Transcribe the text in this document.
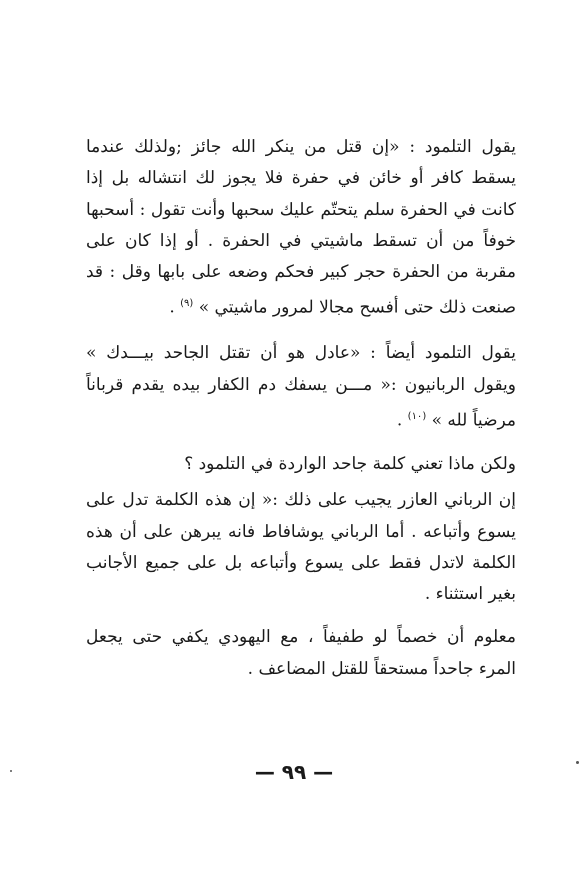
يقول التلمود : «إن قتل من ينكر الله جائز ;ولذلك عندما يسقط كافر أو خائن في حفرة فلا يجوز لك انتشاله بل إذا كانت في الحفرة سلم يتحتّم عليك سحبها وأنت تقول : أسحبها خوفاً من أن تسقط ماشيتي في الحفرة . أو إذا كان على مقربة من الحفرة حجر كبير فحكم وضعه على بابها وقل : قد صنعت ذلك حتى أفسح مجالا لمرور ماشيتي » $^{(٩)}$ .

يقول التلمود أيضاً : «عادل هو أن تقتل الجاحد بيـــدك » ويقول الربانيون :« مـــن يسفك دم الكفار بيده يقدم قرباناً مرضياً لله » $^{(١٠)}$ .

ولكن ماذا تعني كلمة جاحد الواردة في التلمود ؟

إن الرباني العازر يجيب على ذلك :« إن هذه الكلمة تدل على يسوع وأتباعه . أما الرباني يوشافاط فانه يبرهن على أن هذه الكلمة لاتدل فقط على يسوع وأتباعه بل على جميع الأجانب بغير استثناء .

معلوم أن خصماً لو طفيفاً ، مع اليهودي يكفي حتى يجعل المرء جاحداً مستحقاً للقتل المضاعف .

— ٩٩ —
